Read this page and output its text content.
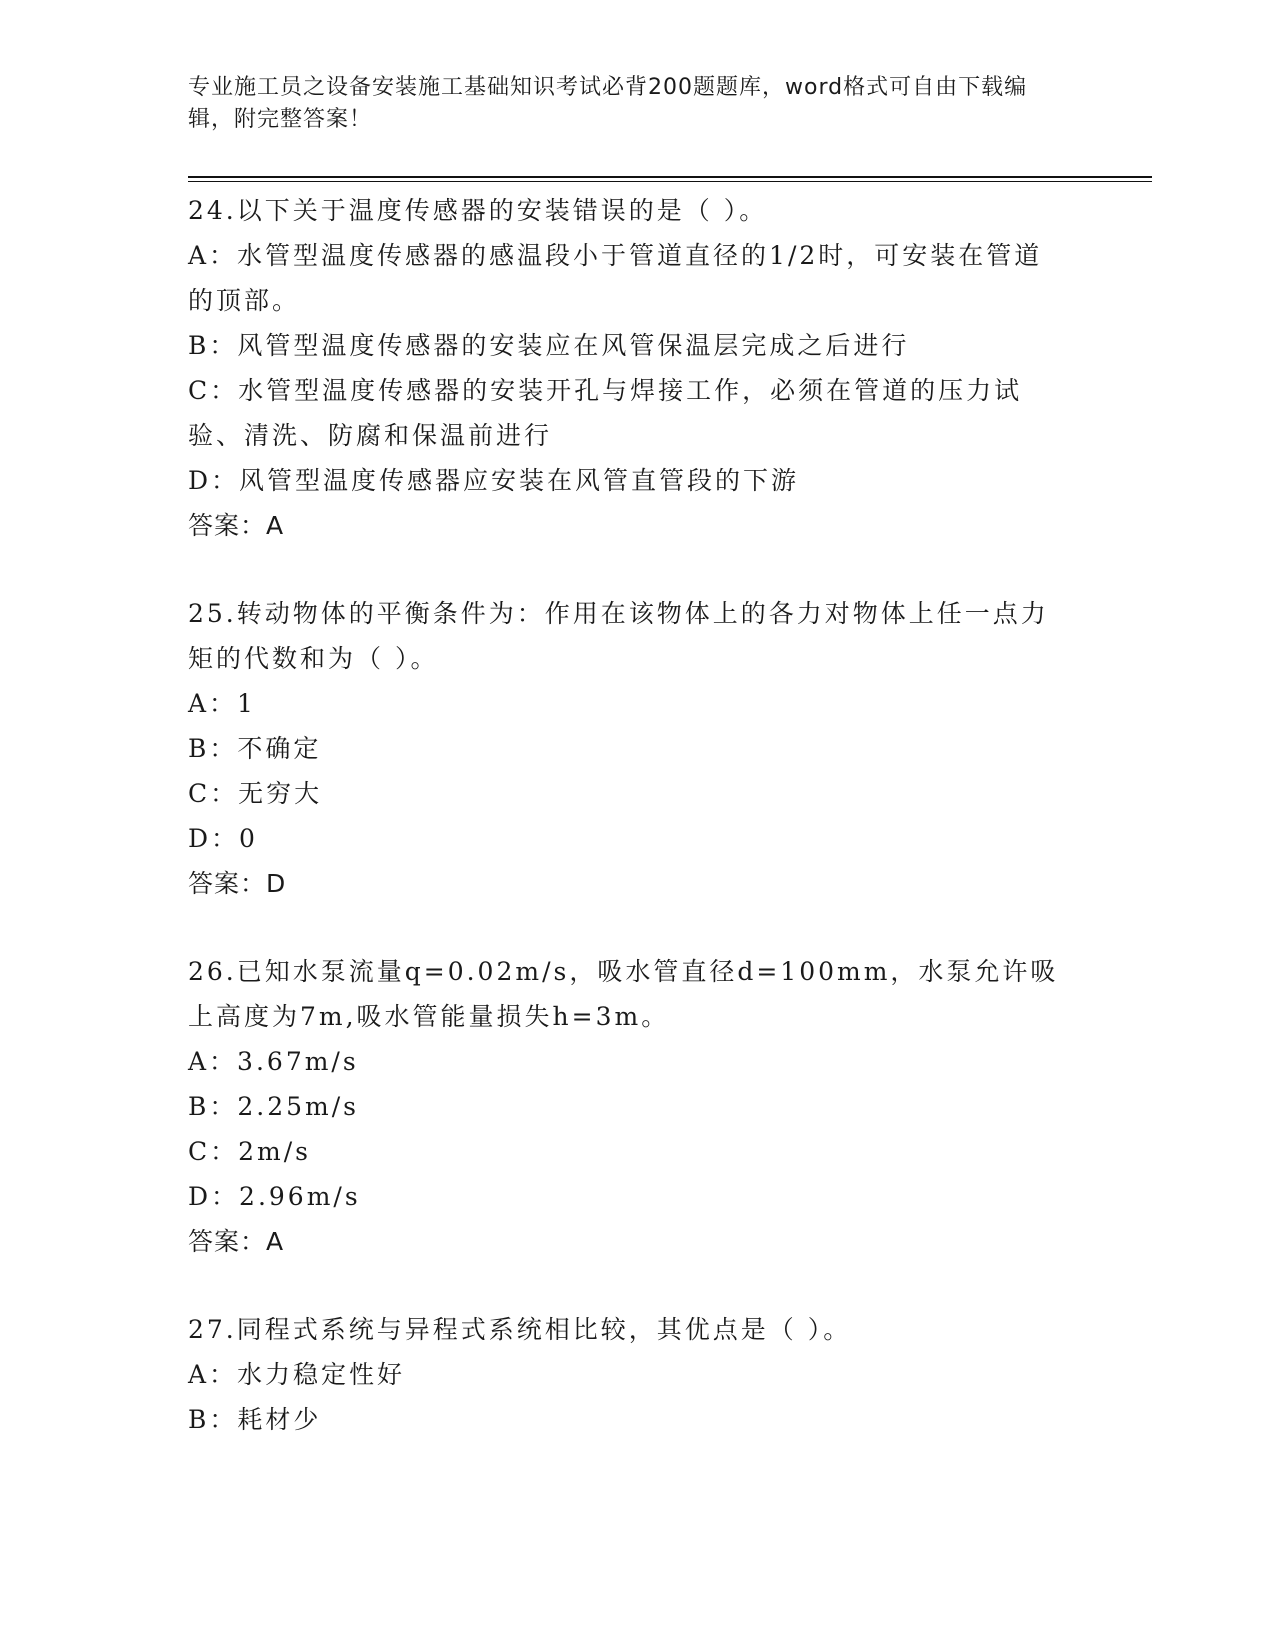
专业施工员之设备安装施工基础知识考试必背200题题库，word格式可自由下载编辑，附完整答案！

24.以下关于温度传感器的安装错误的是（ ）。

A：水管型温度传感器的感温段小于管道直径的1/2时，可安装在管道的顶部。

B：风管型温度传感器的安装应在风管保温层完成之后进行

C：水管型温度传感器的安装开孔与焊接工作，必须在管道的压力试验、清洗、防腐和保温前进行

D：风管型温度传感器应安装在风管直管段的下游

答案：A

25.转动物体的平衡条件为：作用在该物体上的各力对物体上任一点力矩的代数和为（ ）。

A：1

B：不确定

C：无穷大

D：0

答案：D

26.已知水泵流量q=0.02m/s，吸水管直径d=100mm，水泵允许吸上高度为7m,吸水管能量损失h=3m。

A：3.67m/s

B：2.25m/s

C：2m/s

D：2.96m/s

答案：A

27.同程式系统与异程式系统相比较，其优点是（ ）。

A：水力稳定性好

B：耗材少
